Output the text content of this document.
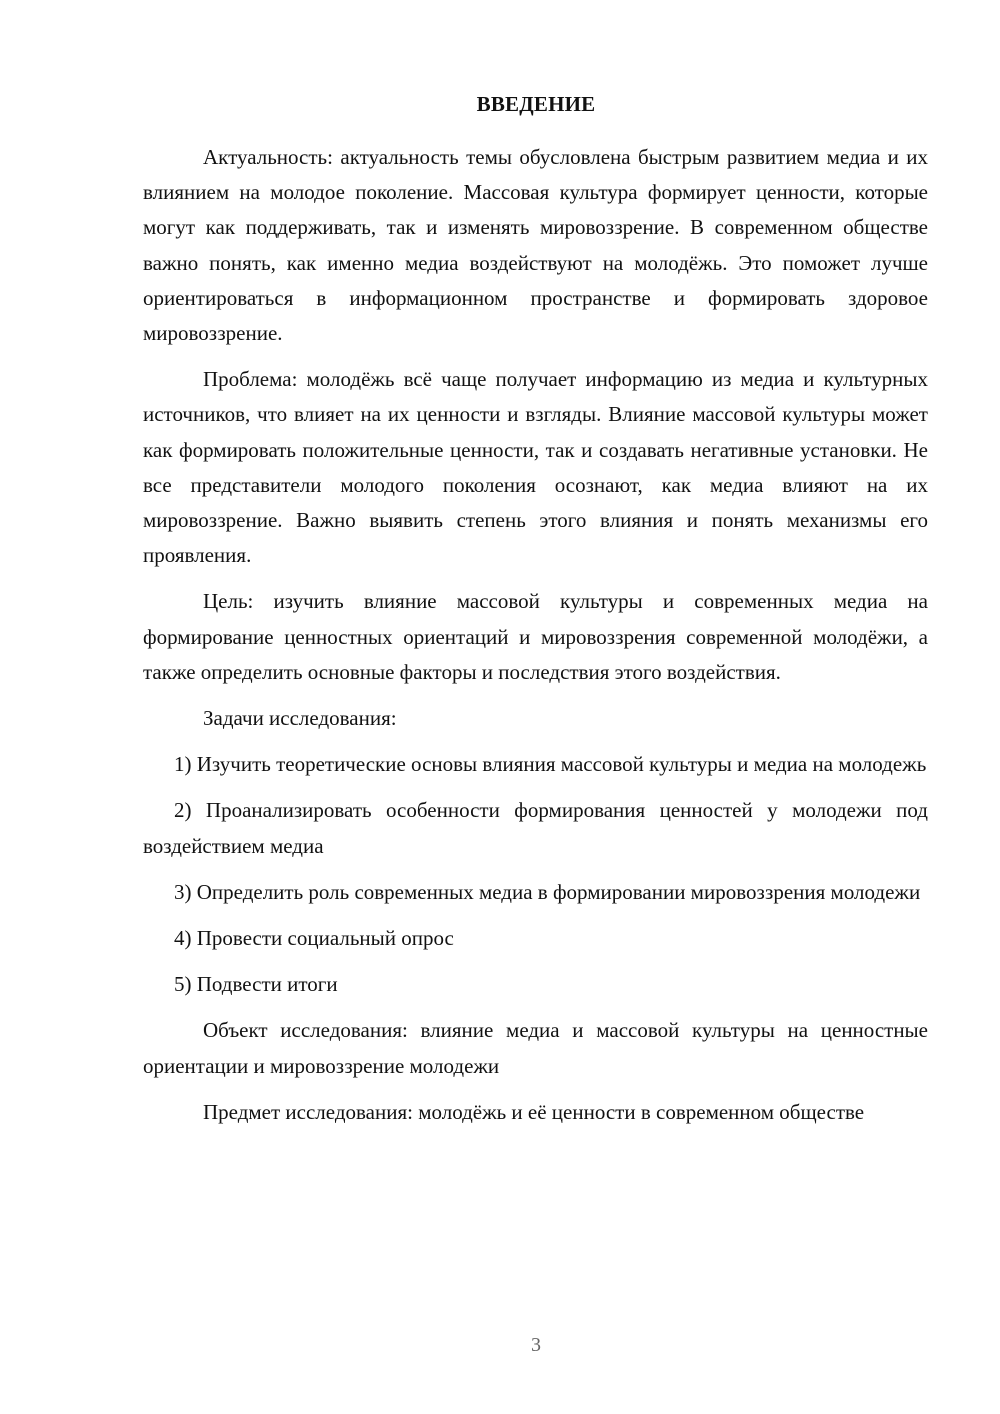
ВВЕДЕНИЕ

Актуальность: актуальность темы обусловлена быстрым развитием медиа и их влиянием на молодое поколение. Массовая культура формирует ценности, которые могут как поддерживать, так и изменять мировоззрение. В современном обществе важно понять, как именно медиа воздействуют на молодёжь. Это поможет лучше ориентироваться в информационном пространстве и формировать здоровое мировоззрение.

Проблема: молодёжь всё чаще получает информацию из медиа и культурных источников, что влияет на их ценности и взгляды. Влияние массовой культуры может как формировать положительные ценности, так и создавать негативные установки. Не все представители молодого поколения осознают, как медиа влияют на их мировоззрение. Важно выявить степень этого влияния и понять механизмы его проявления.

Цель: изучить влияние массовой культуры и современных медиа на формирование ценностных ориентаций и мировоззрения современной молодёжи, а также определить основные факторы и последствия этого воздействия.

Задачи исследования:

1) Изучить теоретические основы влияния массовой культуры и медиа на молодежь

2) Проанализировать особенности формирования ценностей у молодежи под воздействием медиа

3) Определить роль современных медиа в формировании мировоззрения молодежи

4) Провести социальный опрос

5) Подвести итоги

Объект исследования: влияние медиа и массовой культуры на ценностные ориентации и мировоззрение молодежи

Предмет исследования: молодёжь и её ценности в современном обществе

3
